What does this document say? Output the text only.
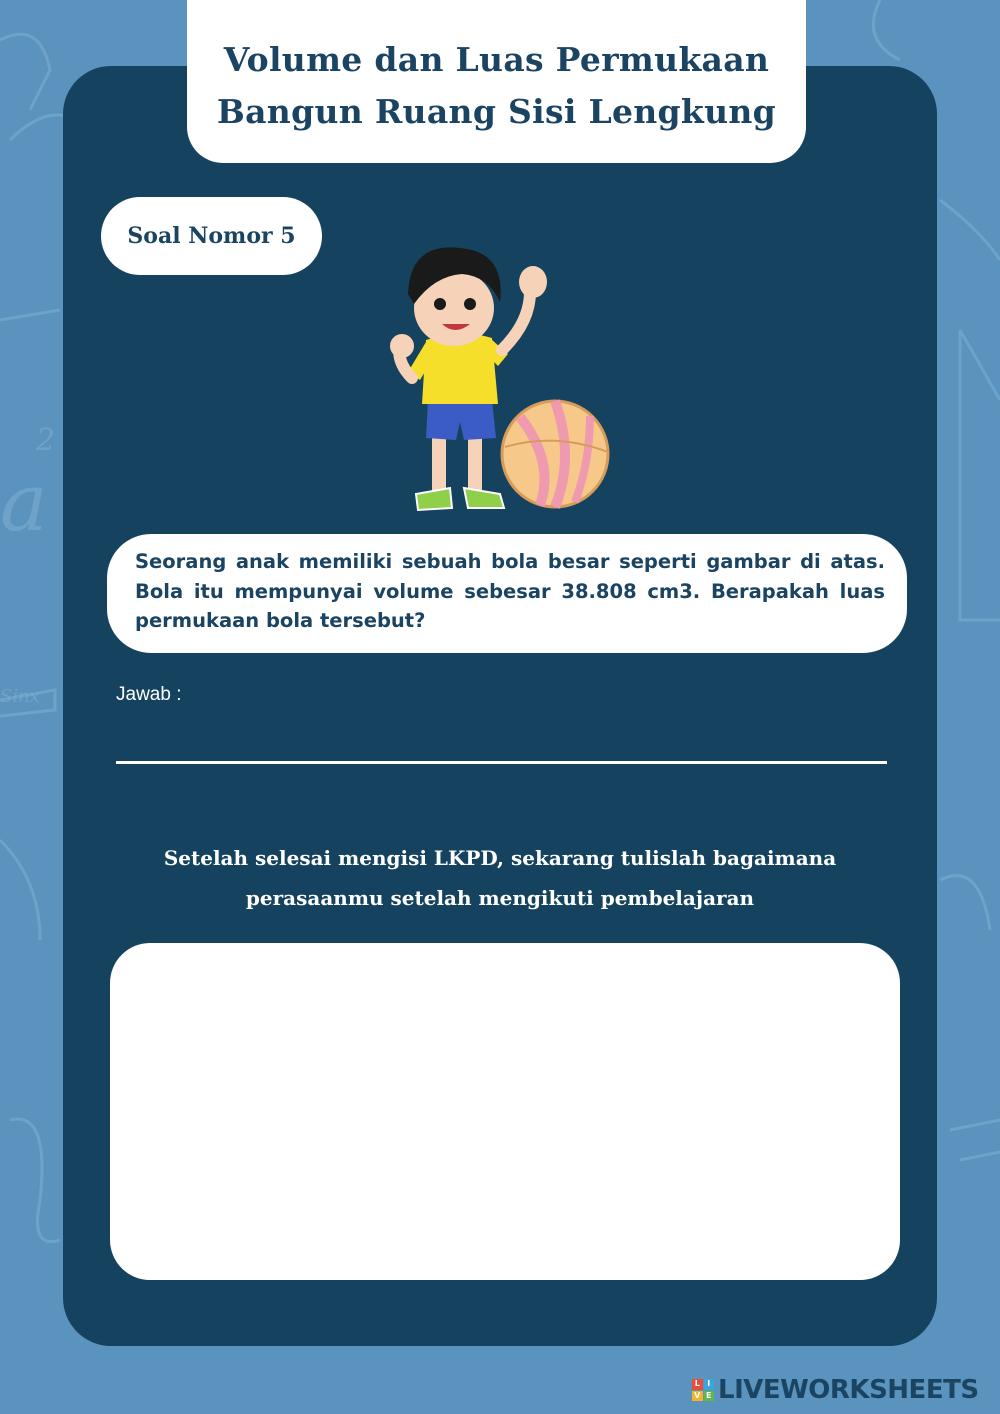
a
2
Sinx
Volume dan Luas Permukaan
Bangun Ruang Sisi Lengkung
Soal Nomor 5
Seorang anak memiliki sebuah bola besar seperti gambar di atas. Bola itu mempunyai volume sebesar 38.808 cm3. Berapakah luas permukaan bola tersebut?
Jawab :
Setelah selesai mengisi LKPD, sekarang tulislah bagaimana
perasaanmu setelah mengikuti pembelajaran
L I
V E LIVEWORKSHEETS
